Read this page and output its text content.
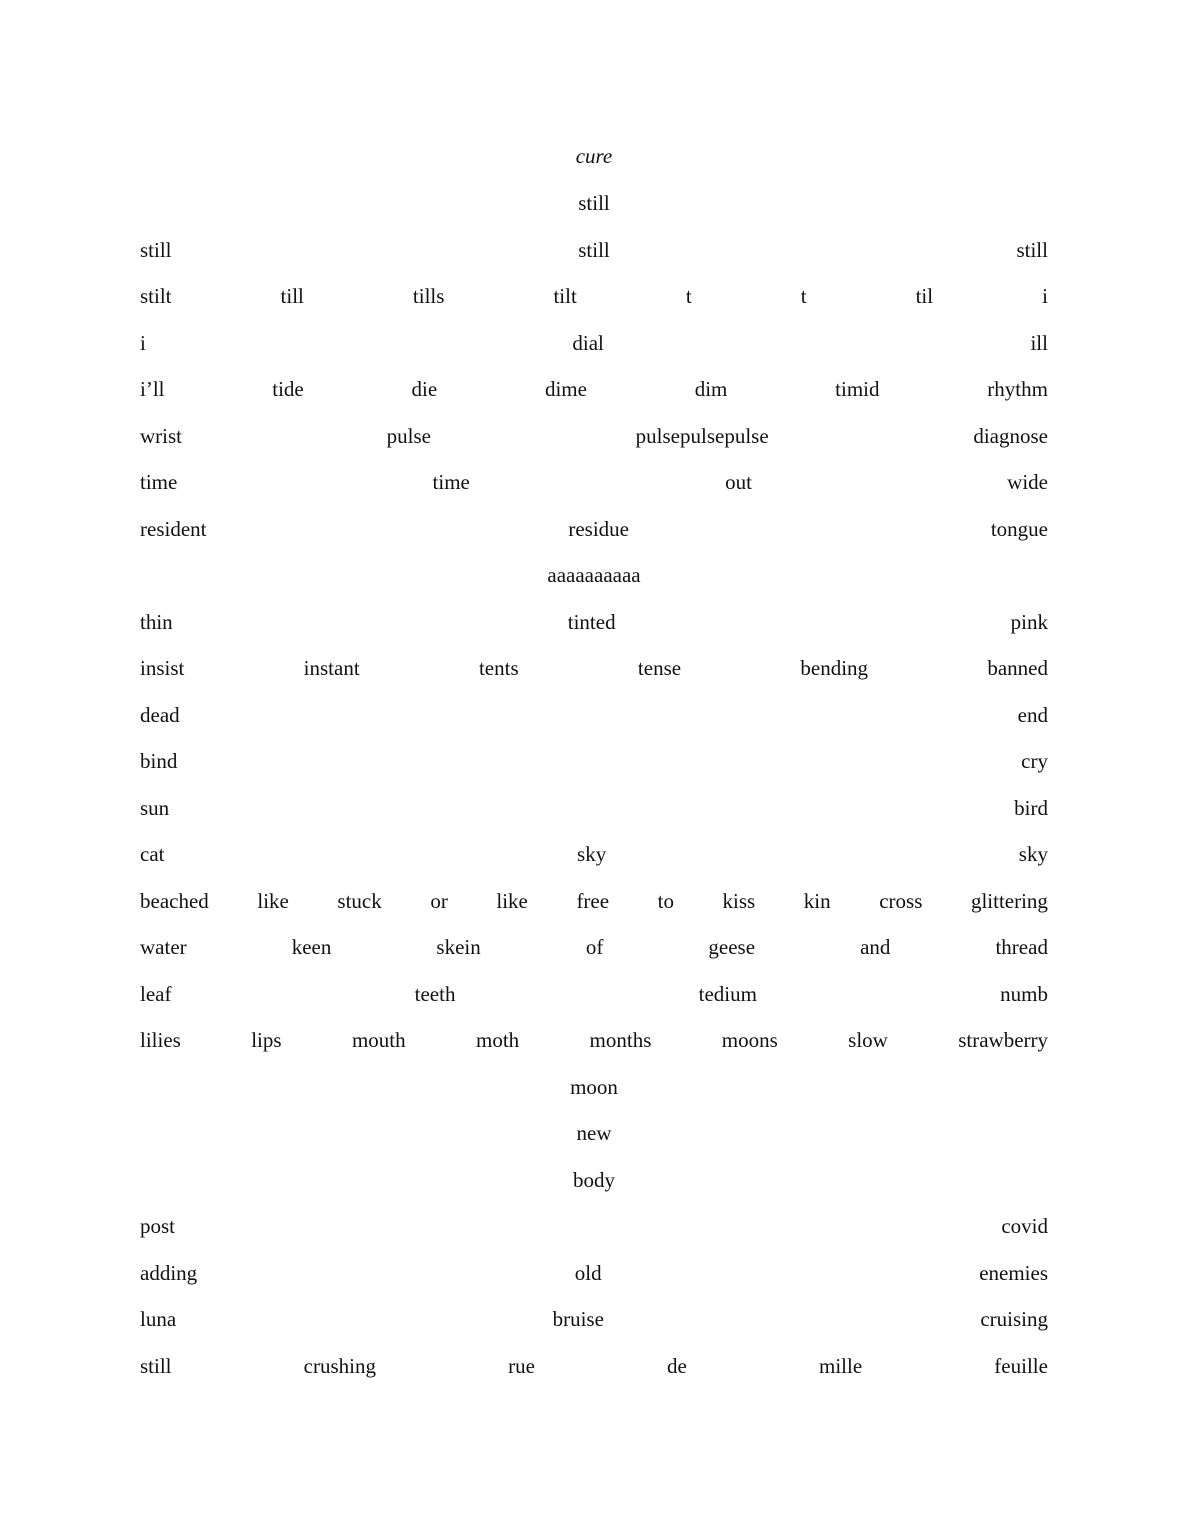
cure
still
still	still	still
stilt	till	tills	tilt	t	t	til	i
i	dial	ill
i’ll	tide	die	dime	dim	timid	rhythm
wrist	pulse	pulsepulsepulse	diagnose
time	time	out	wide
resident	residue	tongue
aaaaaaaaaa
thin	tinted	pink
insist	instant	tents	tense	bending	banned
dead	end
bind	cry
sun	bird
cat	sky	sky
beached like stuck or like free to kiss kin cross glittering
water	keen	skein	of	geese	and	thread
leaf	teeth	tedium	numb
lilies	lips	mouth	moth	months	moons	slow	strawberry
moon
new
body
post	covid
adding	old	enemies
luna	bruise	cruising
still	crushing	rue	de	mille	feuille
